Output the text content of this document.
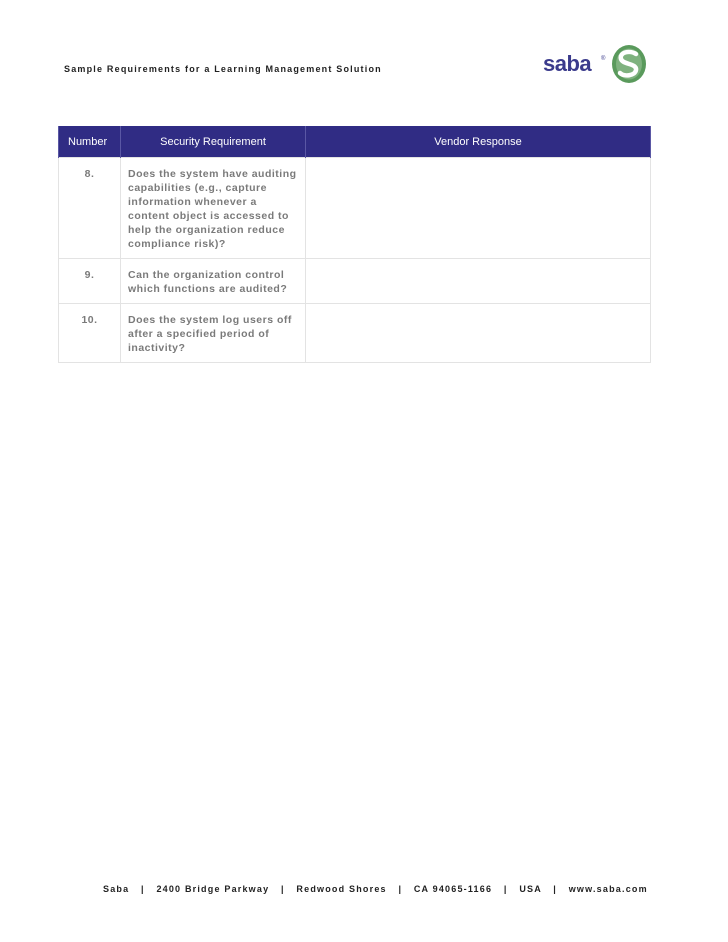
Sample Requirements for a Learning Management Solution	saba ®
Number	Security Requirement	Vendor Response
8.	Does the system have auditing capabilities (e.g., capture information whenever a content object is accessed to help the organization reduce compliance risk)?	
9.	Can the organization control which functions are audited?	
10.	Does the system log users off after a specified period of inactivity?	
Saba | 2400 Bridge Parkway | Redwood Shores | CA 94065-1166 | USA | www.saba.com
